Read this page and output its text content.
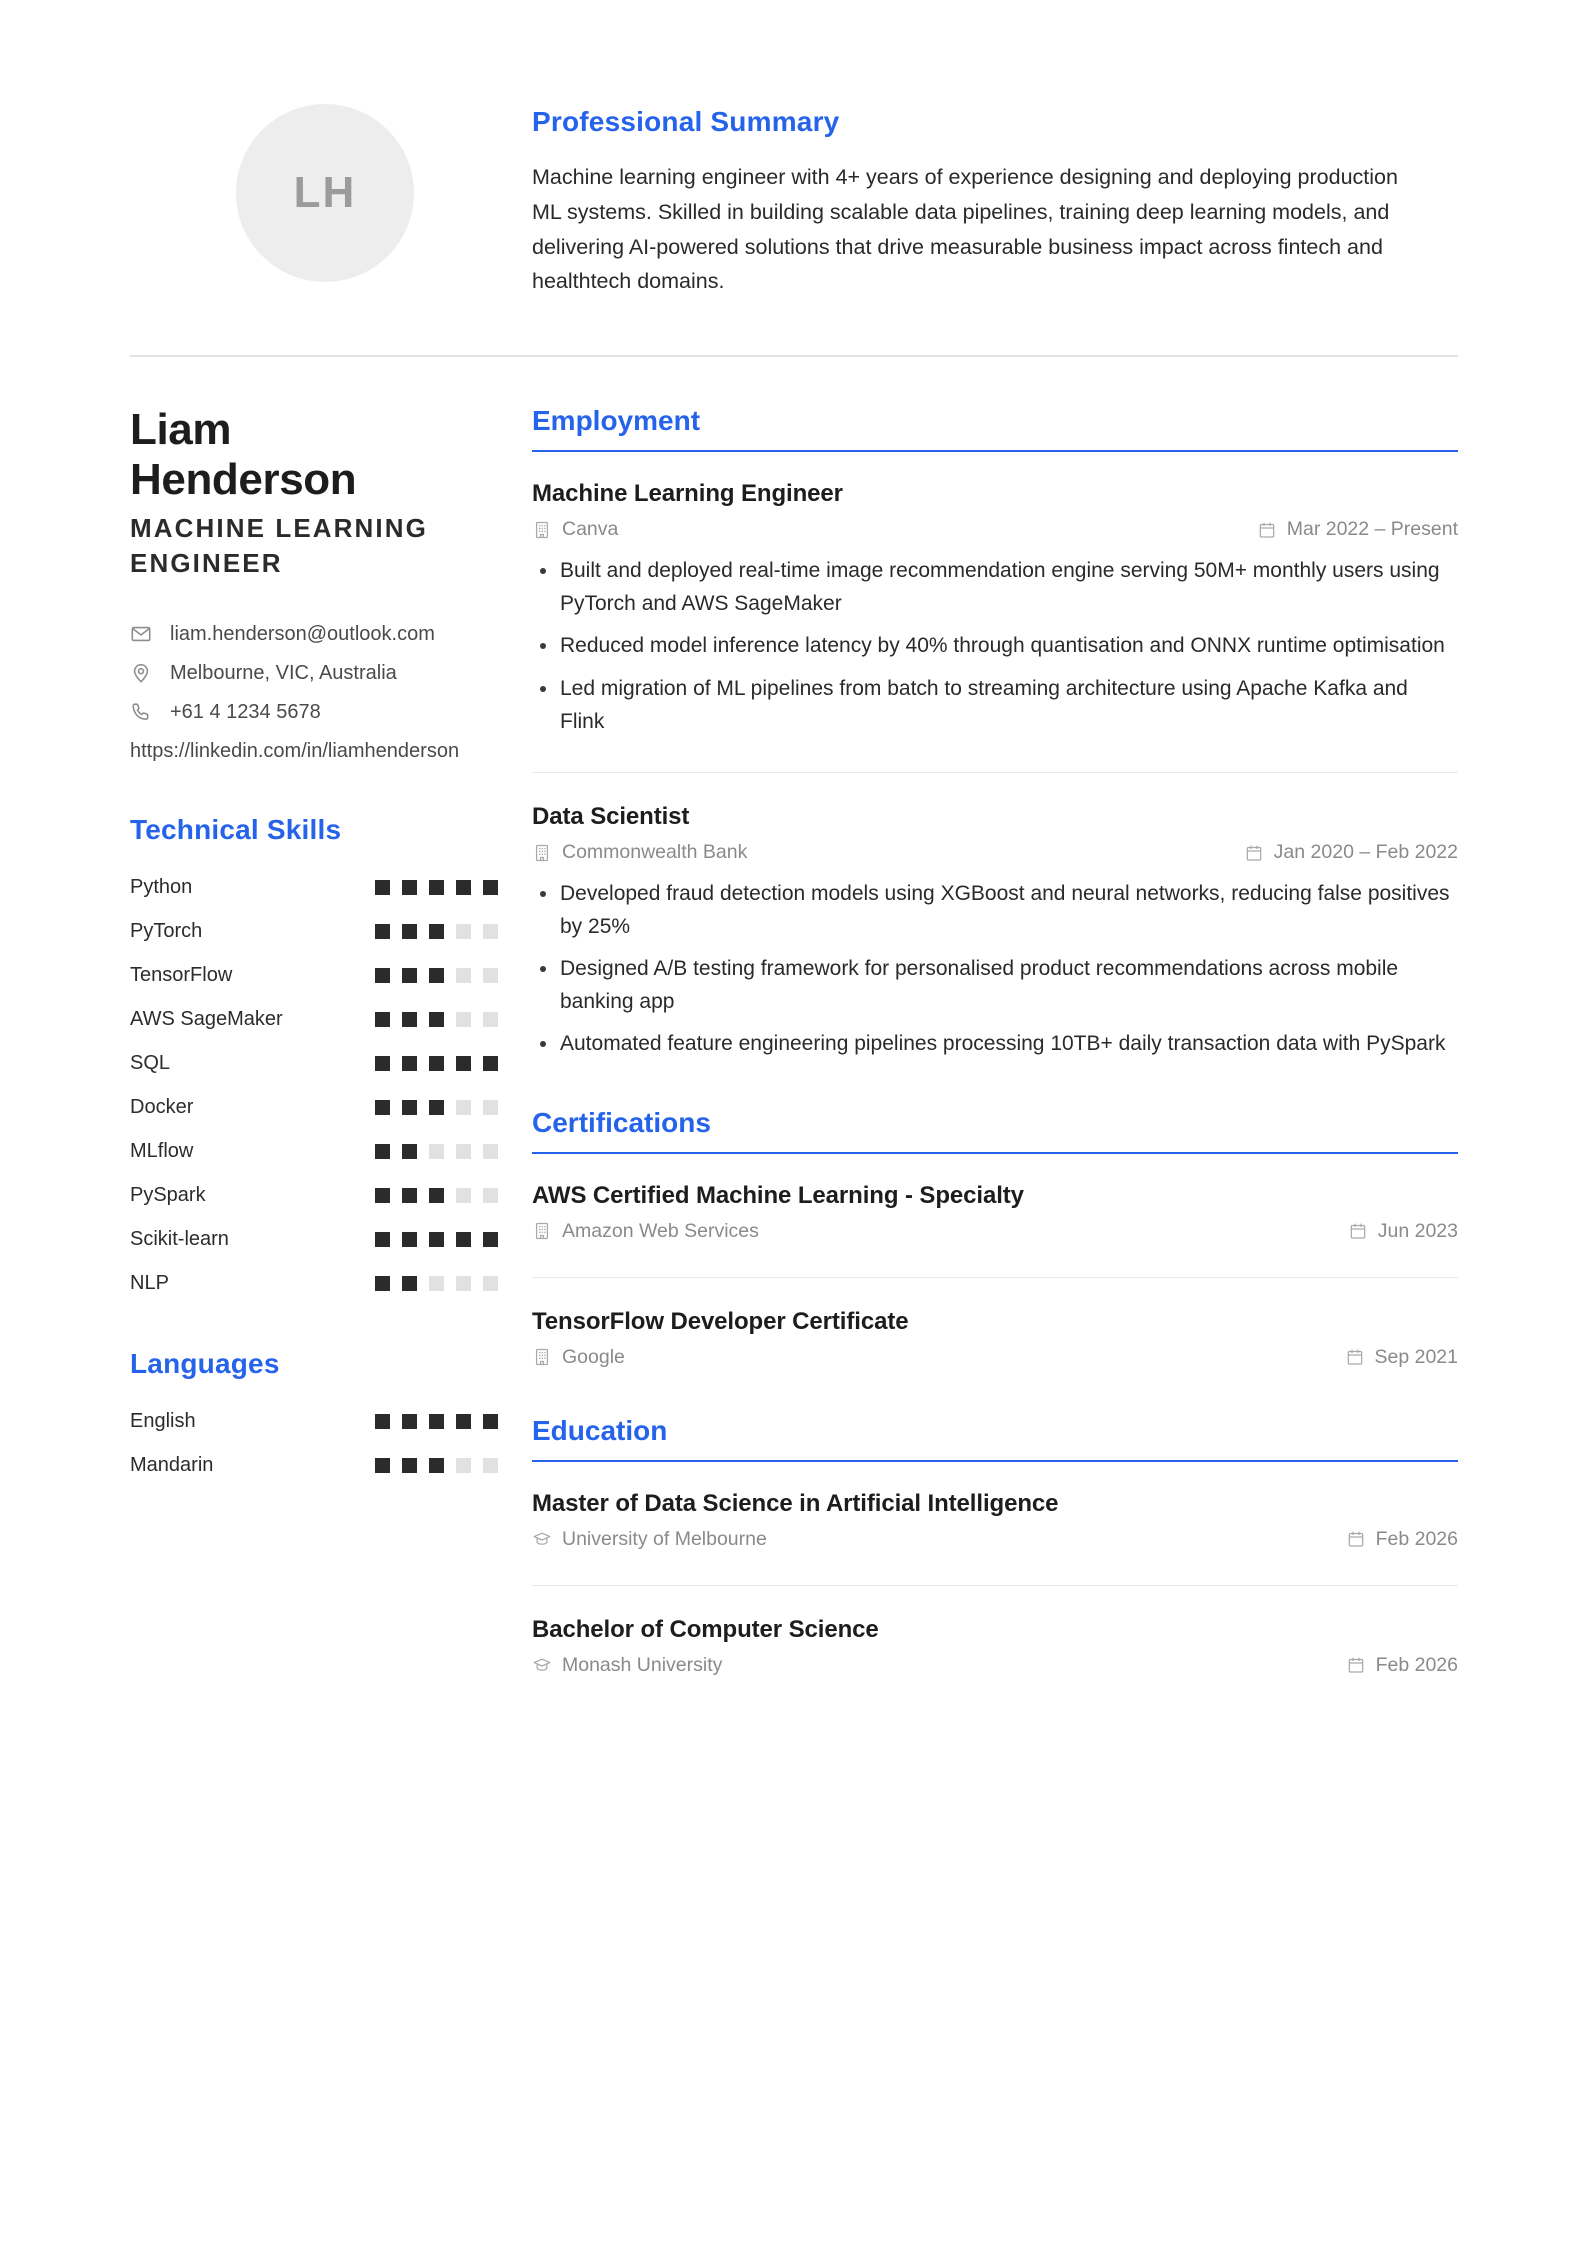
LH
Professional Summary
Machine learning engineer with 4+ years of experience designing and deploying production ML systems. Skilled in building scalable data pipelines, training deep learning models, and delivering AI-powered solutions that drive measurable business impact across fintech and healthtech domains.
Liam
Henderson
MACHINE LEARNING ENGINEER
liam.henderson@outlook.com
Melbourne, VIC, Australia
+61 4 1234 5678
https://linkedin.com/in/liamhenderson
Technical Skills
Python
PyTorch
TensorFlow
AWS SageMaker
SQL
Docker
MLflow
PySpark
Scikit-learn
NLP
Languages
English
Mandarin
Employment
Machine Learning Engineer
Canva	Mar 2022 – Present
Built and deployed real-time image recommendation engine serving 50M+ monthly users using PyTorch and AWS SageMaker
Reduced model inference latency by 40% through quantisation and ONNX runtime optimisation
Led migration of ML pipelines from batch to streaming architecture using Apache Kafka and Flink
Data Scientist
Commonwealth Bank	Jan 2020 – Feb 2022
Developed fraud detection models using XGBoost and neural networks, reducing false positives by 25%
Designed A/B testing framework for personalised product recommendations across mobile banking app
Automated feature engineering pipelines processing 10TB+ daily transaction data with PySpark
Certifications
AWS Certified Machine Learning - Specialty
Amazon Web Services	Jun 2023
TensorFlow Developer Certificate
Google	Sep 2021
Education
Master of Data Science in Artificial Intelligence
University of Melbourne	Feb 2026
Bachelor of Computer Science
Monash University	Feb 2026
